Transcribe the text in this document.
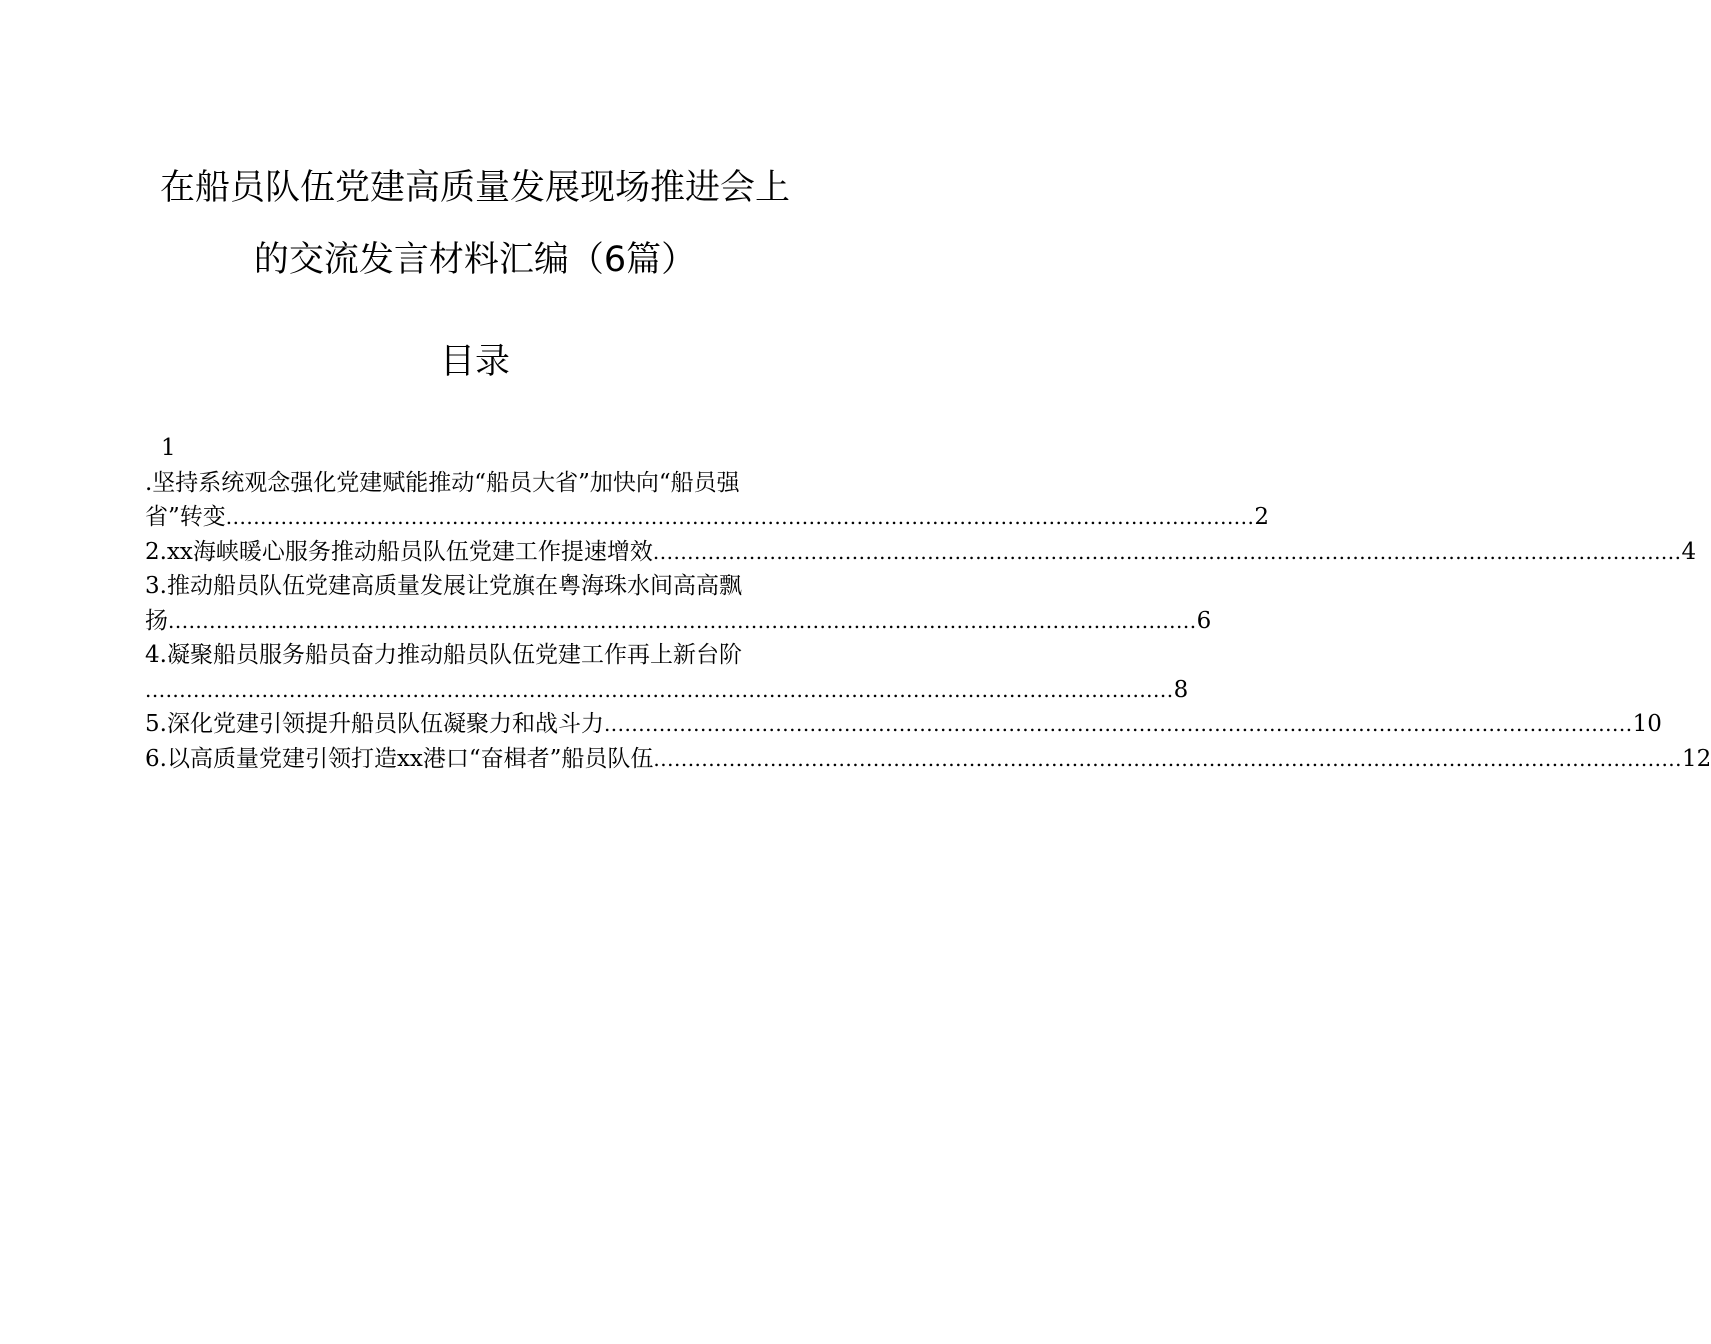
在船员队伍党建高质量发展现场推进会上
的交流发言材料汇编（6篇）
目录
1
.坚持系统观念强化党建赋能推动“船员大省”加快向“船员强
省”转变 ...................................................................................................................................................... 2
2.xx海峡暖心服务推动船员队伍党建工作提速增效 ...................................................................................................................................................... 4
3.推动船员队伍党建高质量发展让党旗在粤海珠水间高高飘
扬 ...................................................................................................................................................... 6
4.凝聚船员服务船员奋力推动船员队伍党建工作再上新台阶
...................................................................................................................................................... 8
5.深化党建引领提升船员队伍凝聚力和战斗力 ...................................................................................................................................................... 10
6.以高质量党建引领打造xx港口“奋楫者”船员队伍 ...................................................................................................................................................... 12
